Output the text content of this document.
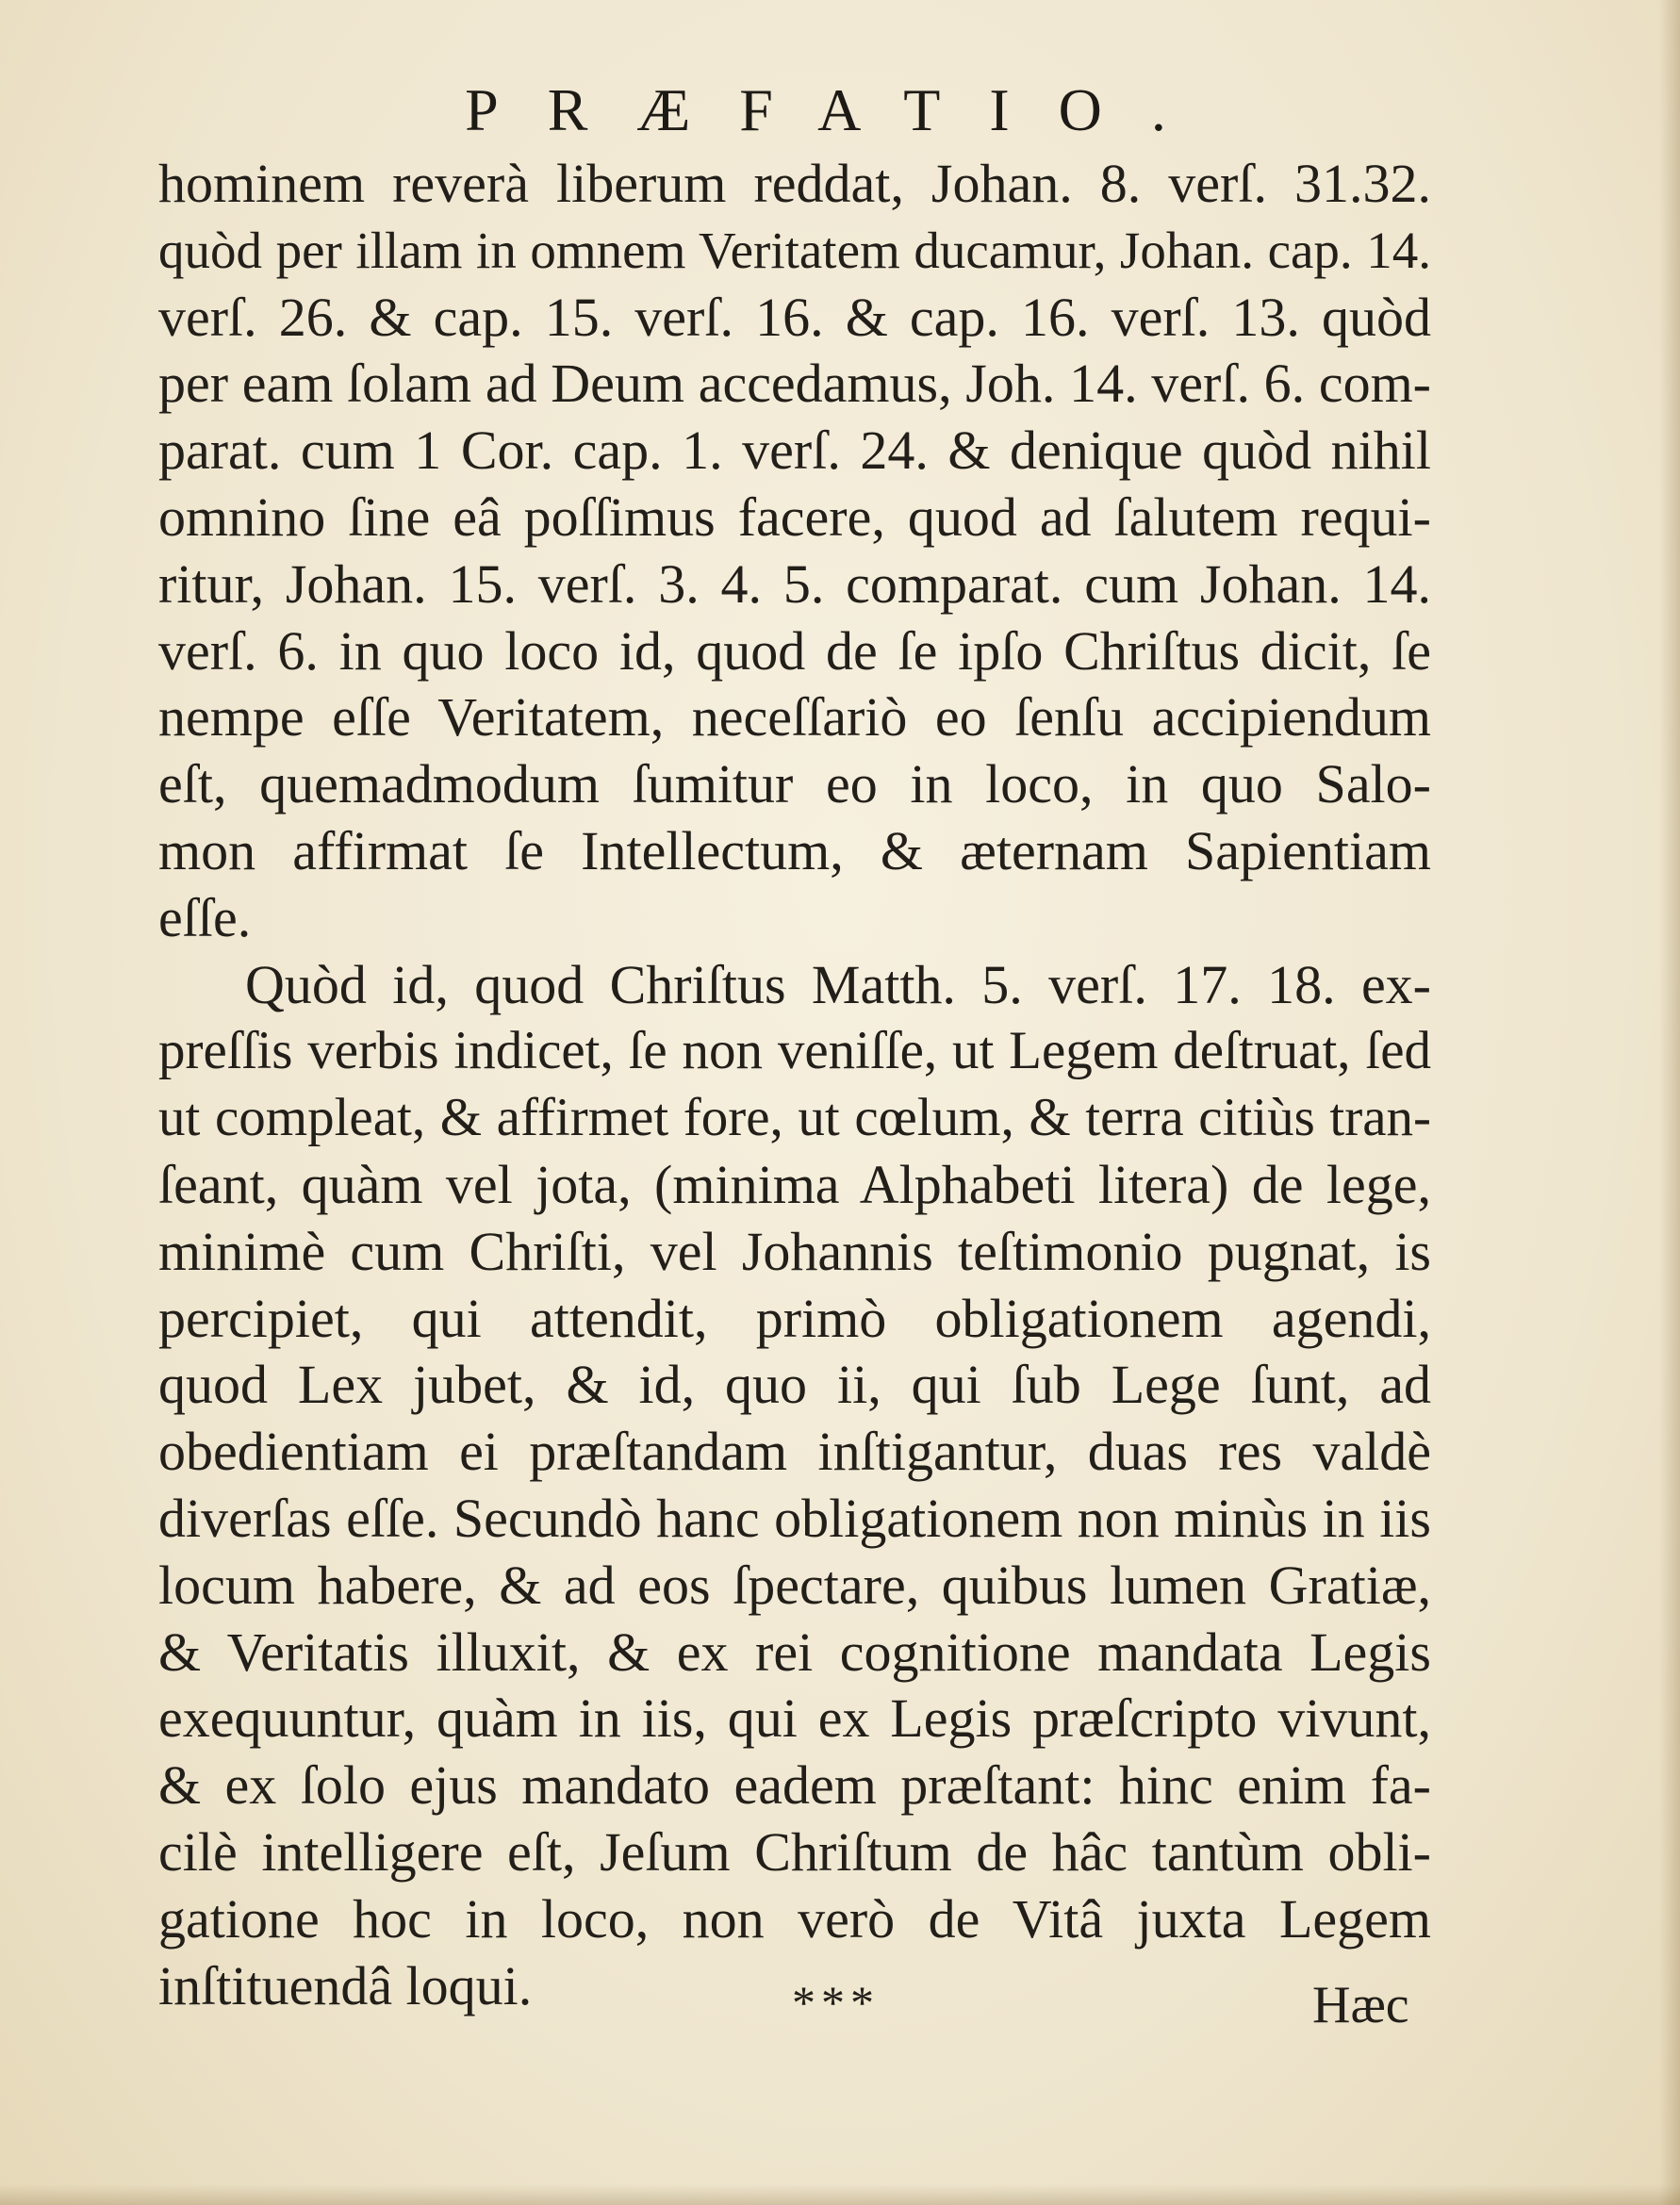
PRÆFATIO.
hominem reverà liberum reddat, Johan. 8. verſ. 31.32.
quòd per illam in omnem Veritatem ducamur, Johan. cap. 14.
verſ. 26. & cap. 15. verſ. 16. & cap. 16. verſ. 13. quòd
per eam ſolam ad Deum accedamus, Joh. 14. verſ. 6. com-
parat. cum 1 Cor. cap. 1. verſ. 24. & denique quòd nihil
omnino ſine eâ poſſimus facere, quod ad ſalutem requi-
ritur, Johan. 15. verſ. 3. 4. 5. comparat. cum Johan. 14.
verſ. 6. in quo loco id, quod de ſe ipſo Chriſtus dicit, ſe
nempe eſſe Veritatem, neceſſariò eo ſenſu accipiendum
eſt, quemadmodum ſumitur eo in loco, in quo Salo-
mon affirmat ſe Intellectum, & æternam Sapientiam
eſſe.
Quòd id, quod Chriſtus Matth. 5. verſ. 17. 18. ex-
preſſis verbis indicet, ſe non veniſſe, ut Legem deſtruat, ſed
ut compleat, & affirmet fore, ut cœlum, & terra citiùs tran-
ſeant, quàm vel jota, (minima Alphabeti litera) de lege,
minimè cum Chriſti, vel Johannis teſtimonio pugnat, is
percipiet, qui attendit, primò obligationem agendi,
quod Lex jubet, & id, quo ii, qui ſub Lege ſunt, ad
obedientiam ei præſtandam inſtigantur, duas res valdè
diverſas eſſe. Secundò hanc obligationem non minùs in iis
locum habere, & ad eos ſpectare, quibus lumen Gratiæ,
& Veritatis illuxit, & ex rei cognitione mandata Legis
exequuntur, quàm in iis, qui ex Legis præſcripto vivunt,
& ex ſolo ejus mandato eadem præſtant: hinc enim fa-
cilè intelligere eſt, Jeſum Chriſtum de hâc tantùm obli-
gatione hoc in loco, non verò de Vitâ juxta Legem
inſtituendâ loqui.	***	Hæc
